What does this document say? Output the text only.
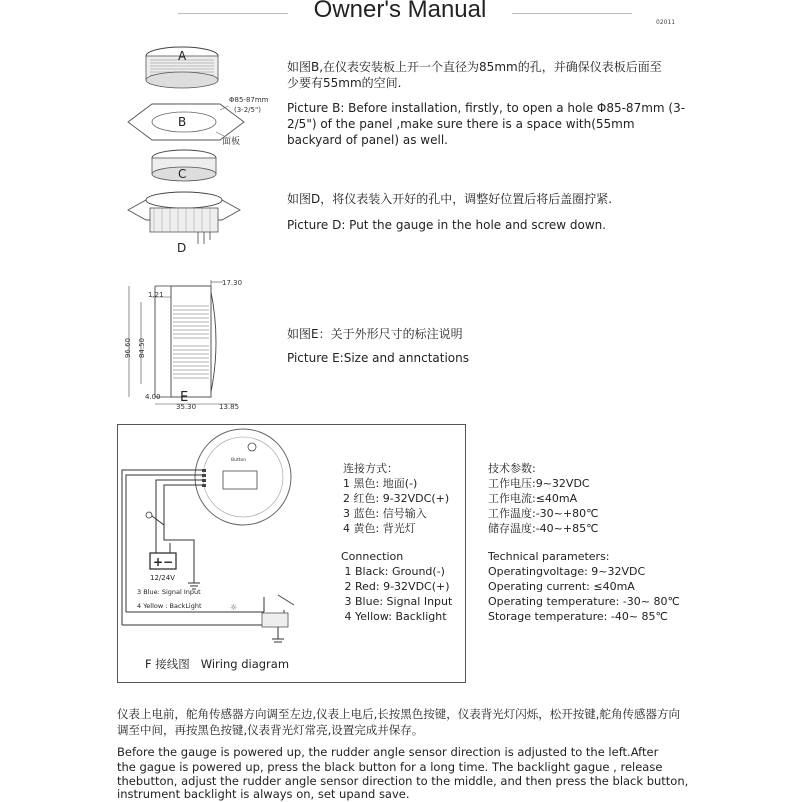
Owner's Manual	02011
A
B
C
D
Φ85-87mm
(3-2/5")
面板
如图B,在仪表安装板上开一个直径为85mm的孔，并确保仪表板后面至少要有55mm的空间.
Picture B: Before installation, firstly, to open a hole Φ85-87mm (3-2/5") of the panel ,make sure there is a space with(55mm backyard of panel) as well.
如图D，将仪表装入开好的孔中，调整好位置后将后盖圈拧紧.
Picture D: Put the gauge in the hole and screw down.
17.30
1.21
96.60 84.50
E
4.00
35.30	13.85
如图E：关于外形尺寸的标注说明
Picture E:Size and annctations
Button
+−
12/24V
☼
3 Blue: Signal Input
4 Yellow : BackLight
F 接线图   Wiring diagram
连接方式：
1 黑色: 地面(-)
2 红色: 9-32VDC(+)
3 蓝色: 信号输入
4 黄色: 背光灯
Connection
1 Black: Ground(-)
2 Red: 9-32VDC(+)
3 Blue: Signal Input
4 Yellow: Backlight
技术参数:
工作电压:9~32VDC
工作电流:≤40mA
工作温度:-30~+80℃
储存温度:-40~+85℃
Technical parameters:
Operatingvoltage: 9~32VDC
Operating current: ≤40mA
Operating temperature: -30~ 80℃
Storage temperature: -40~ 85℃
仪表上电前，舵角传感器方向调至左边,仪表上电后,长按黑色按键，仪表背光灯闪烁，松开按键,舵角传感器方向调至中间，再按黑色按键,仪表背光灯常亮,设置完成并保存。
Before the gauge is powered up, the rudder angle sensor direction is adjusted to the left.After
the gague is powered up, press the black button for a long time. The backlight gague , release
thebutton, adjust the rudder angle sensor direction to the middle, and then press the black button,
instrument backlight is always on, set upand save.
